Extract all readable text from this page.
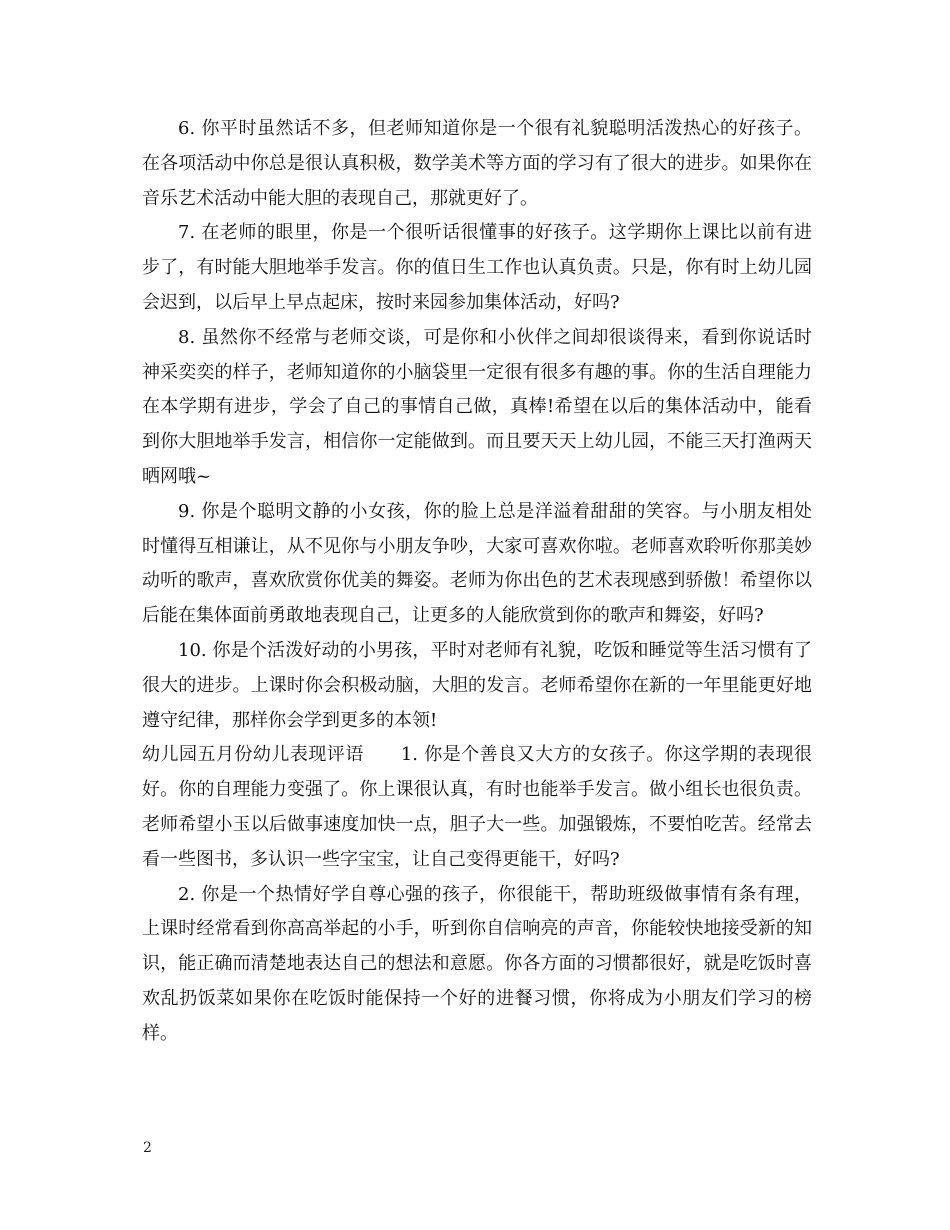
6. 你平时虽然话不多，但老师知道你是一个很有礼貌聪明活泼热心的好孩子。在各项活动中你总是很认真积极，数学美术等方面的学习有了很大的进步。如果你在音乐艺术活动中能大胆的表现自己，那就更好了。

7. 在老师的眼里，你是一个很听话很懂事的好孩子。这学期你上课比以前有进步了，有时能大胆地举手发言。你的值日生工作也认真负责。只是，你有时上幼儿园会迟到，以后早上早点起床，按时来园参加集体活动，好吗?

8. 虽然你不经常与老师交谈，可是你和小伙伴之间却很谈得来，看到你说话时神采奕奕的样子，老师知道你的小脑袋里一定很有很多有趣的事。你的生活自理能力在本学期有进步，学会了自己的事情自己做，真棒!希望在以后的集体活动中，能看到你大胆地举手发言，相信你一定能做到。而且要天天上幼儿园，不能三天打渔两天晒网哦~

9. 你是个聪明文静的小女孩，你的脸上总是洋溢着甜甜的笑容。与小朋友相处时懂得互相谦让，从不见你与小朋友争吵，大家可喜欢你啦。老师喜欢聆听你那美妙动听的歌声，喜欢欣赏你优美的舞姿。老师为你出色的艺术表现感到骄傲！希望你以后能在集体面前勇敢地表现自己，让更多的人能欣赏到你的歌声和舞姿，好吗?

10. 你是个活泼好动的小男孩，平时对老师有礼貌，吃饭和睡觉等生活习惯有了很大的进步。上课时你会积极动脑，大胆的发言。老师希望你在新的一年里能更好地遵守纪律，那样你会学到更多的本领!

幼儿园五月份幼儿表现评语　　1. 你是个善良又大方的女孩子。你这学期的表现很好。你的自理能力变强了。你上课很认真，有时也能举手发言。做小组长也很负责。老师希望小玉以后做事速度加快一点，胆子大一些。加强锻炼，不要怕吃苦。经常去看一些图书，多认识一些字宝宝，让自己变得更能干，好吗?

2. 你是一个热情好学自尊心强的孩子，你很能干，帮助班级做事情有条有理，上课时经常看到你高高举起的小手，听到你自信响亮的声音，你能较快地接受新的知识，能正确而清楚地表达自己的想法和意愿。你各方面的习惯都很好，就是吃饭时喜欢乱扔饭菜如果你在吃饭时能保持一个好的进餐习惯，你将成为小朋友们学习的榜样。

2
